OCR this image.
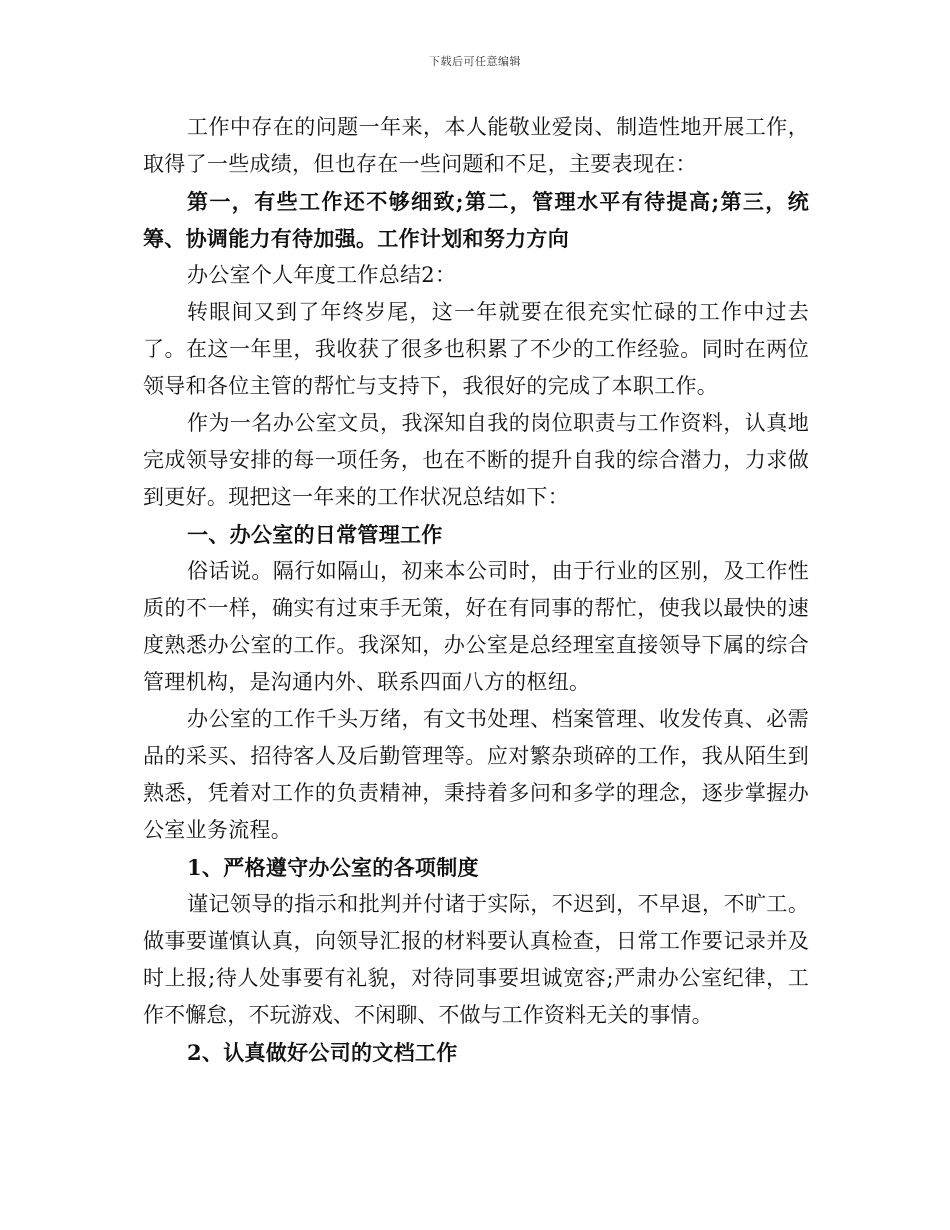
下载后可任意编辑

工作中存在的问题一年来，本人能敬业爱岗、制造性地开展工作，取得了一些成绩，但也存在一些问题和不足，主要表现在：

第一，有些工作还不够细致;第二，管理水平有待提高;第三，统筹、协调能力有待加强。工作计划和努力方向

办公室个人年度工作总结2：

转眼间又到了年终岁尾，这一年就要在很充实忙碌的工作中过去了。在这一年里，我收获了很多也积累了不少的工作经验。同时在两位领导和各位主管的帮忙与支持下，我很好的完成了本职工作。

作为一名办公室文员，我深知自我的岗位职责与工作资料，认真地完成领导安排的每一项任务，也在不断的提升自我的综合潜力，力求做到更好。现把这一年来的工作状况总结如下：

一、办公室的日常管理工作

俗话说。隔行如隔山，初来本公司时，由于行业的区别，及工作性质的不一样，确实有过束手无策，好在有同事的帮忙，使我以最快的速度熟悉办公室的工作。我深知，办公室是总经理室直接领导下属的综合管理机构，是沟通内外、联系四面八方的枢纽。

办公室的工作千头万绪，有文书处理、档案管理、收发传真、必需品的采买、招待客人及后勤管理等。应对繁杂琐碎的工作，我从陌生到熟悉，凭着对工作的负责精神，秉持着多问和多学的理念，逐步掌握办公室业务流程。

1、严格遵守办公室的各项制度

谨记领导的指示和批判并付诸于实际，不迟到，不早退，不旷工。做事要谨慎认真，向领导汇报的材料要认真检查，日常工作要记录并及时上报;待人处事要有礼貌，对待同事要坦诚宽容;严肃办公室纪律，工作不懈怠，不玩游戏、不闲聊、不做与工作资料无关的事情。

2、认真做好公司的文档工作
